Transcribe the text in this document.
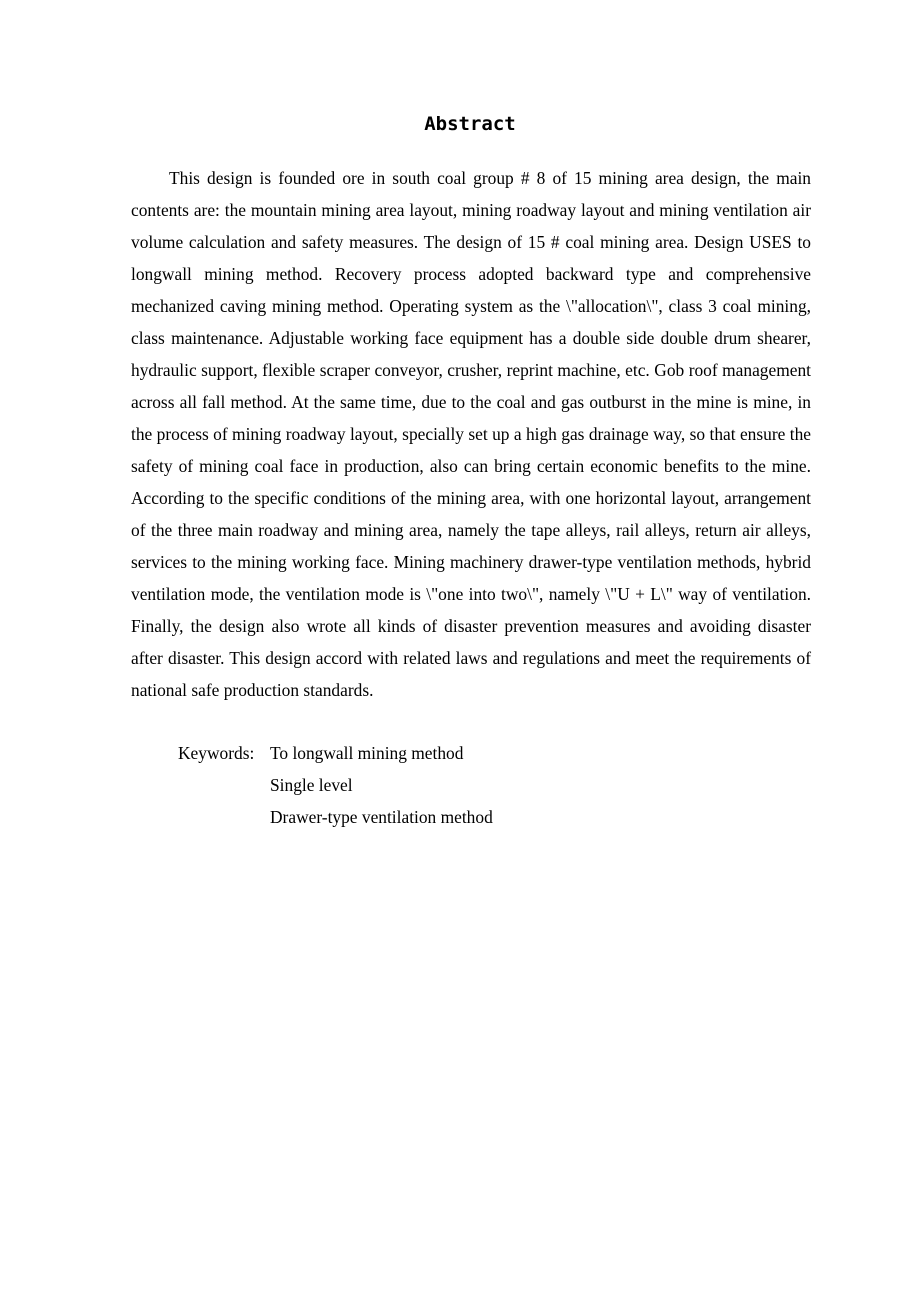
Abstract

This design is founded ore in south coal group # 8 of 15 mining area design, the main contents are: the mountain mining area layout, mining roadway layout and mining ventilation air volume calculation and safety measures. The design of 15 # coal mining area. Design USES to longwall mining method. Recovery process adopted backward type and comprehensive mechanized caving mining method. Operating system as the \"allocation\", class 3 coal mining, class maintenance. Adjustable working face equipment has a double side double drum shearer, hydraulic support, flexible scraper conveyor, crusher, reprint machine, etc. Gob roof management across all fall method. At the same time, due to the coal and gas outburst in the mine is mine, in the process of mining roadway layout, specially set up a high gas drainage way, so that ensure the safety of mining coal face in production, also can bring certain economic benefits to the mine. According to the specific conditions of the mining area, with one horizontal layout, arrangement of the three main roadway and mining area, namely the tape alleys, rail alleys, return air alleys, services to the mining working face. Mining machinery drawer-type ventilation methods, hybrid ventilation mode, the ventilation mode is \"one into two\", namely \"U + L\" way of ventilation. Finally, the design also wrote all kinds of disaster prevention measures and avoiding disaster after disaster. This design accord with related laws and regulations and meet the requirements of national safe production standards.

Keywords: To longwall mining method
Single level
Drawer-type ventilation method
